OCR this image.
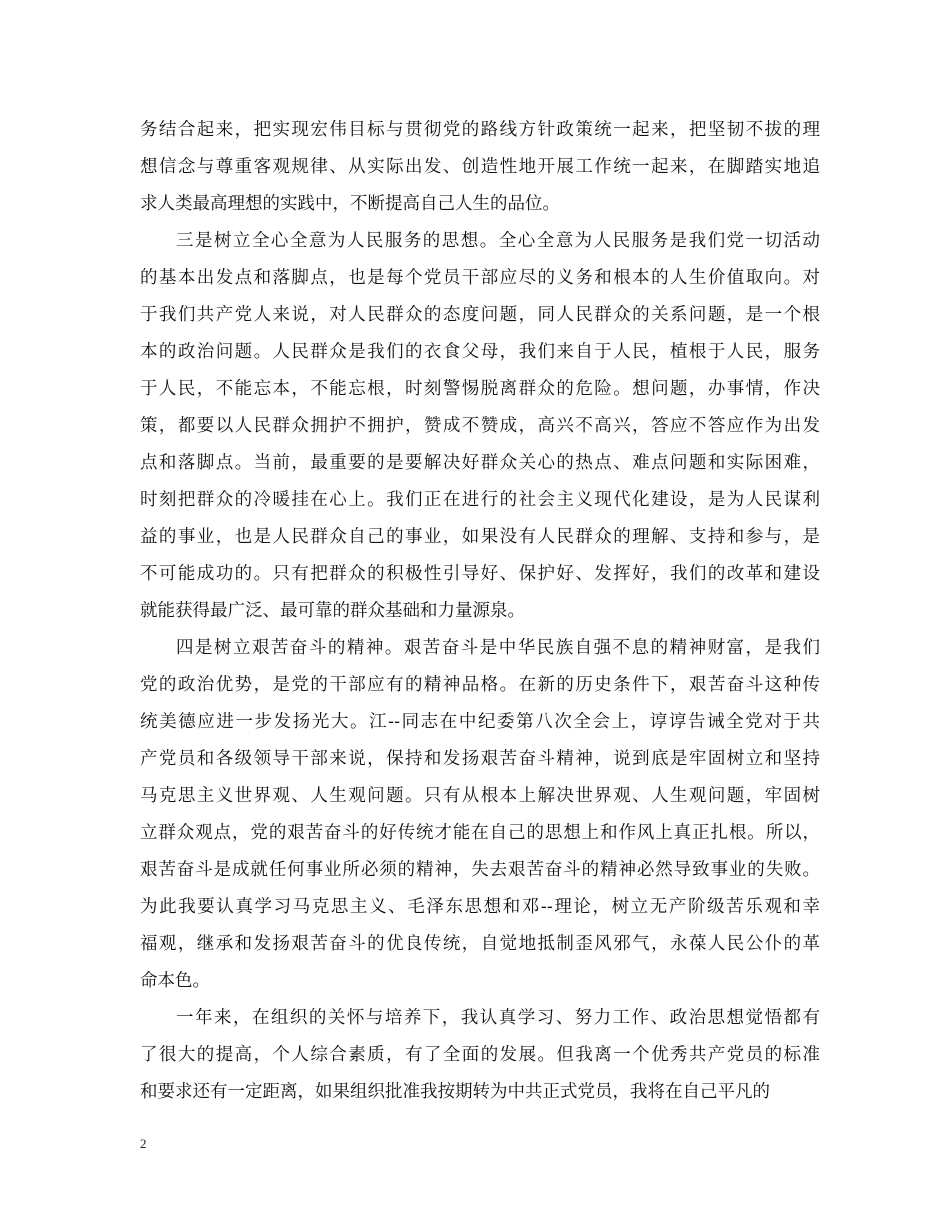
务结合起来，把实现宏伟目标与贯彻党的路线方针政策统一起来，把坚韧不拔的理
想信念与尊重客观规律、从实际出发、创造性地开展工作统一起来，在脚踏实地追
求人类最高理想的实践中，不断提高自己人生的品位。
三是树立全心全意为人民服务的思想。全心全意为人民服务是我们党一切活动
的基本出发点和落脚点，也是每个党员干部应尽的义务和根本的人生价值取向。对
于我们共产党人来说，对人民群众的态度问题，同人民群众的关系问题，是一个根
本的政治问题。人民群众是我们的衣食父母，我们来自于人民，植根于人民，服务
于人民，不能忘本，不能忘根，时刻警惕脱离群众的危险。想问题，办事情，作决
策，都要以人民群众拥护不拥护，赞成不赞成，高兴不高兴，答应不答应作为出发
点和落脚点。当前，最重要的是要解决好群众关心的热点、难点问题和实际困难，
时刻把群众的冷暖挂在心上。我们正在进行的社会主义现代化建设，是为人民谋利
益的事业，也是人民群众自己的事业，如果没有人民群众的理解、支持和参与，是
不可能成功的。只有把群众的积极性引导好、保护好、发挥好，我们的改革和建设
就能获得最广泛、最可靠的群众基础和力量源泉。
四是树立艰苦奋斗的精神。艰苦奋斗是中华民族自强不息的精神财富，是我们
党的政治优势，是党的干部应有的精神品格。在新的历史条件下，艰苦奋斗这种传
统美德应进一步发扬光大。江--同志在中纪委第八次全会上，谆谆告诫全党对于共
产党员和各级领导干部来说，保持和发扬艰苦奋斗精神，说到底是牢固树立和坚持
马克思主义世界观、人生观问题。只有从根本上解决世界观、人生观问题，牢固树
立群众观点，党的艰苦奋斗的好传统才能在自己的思想上和作风上真正扎根。所以，
艰苦奋斗是成就任何事业所必须的精神，失去艰苦奋斗的精神必然导致事业的失败。
为此我要认真学习马克思主义、毛泽东思想和邓--理论，树立无产阶级苦乐观和幸
福观，继承和发扬艰苦奋斗的优良传统，自觉地抵制歪风邪气，永葆人民公仆的革
命本色。
一年来，在组织的关怀与培养下，我认真学习、努力工作、政治思想觉悟都有
了很大的提高，个人综合素质，有了全面的发展。但我离一个优秀共产党员的标准
和要求还有一定距离，如果组织批准我按期转为中共正式党员，我将在自己平凡的
2
